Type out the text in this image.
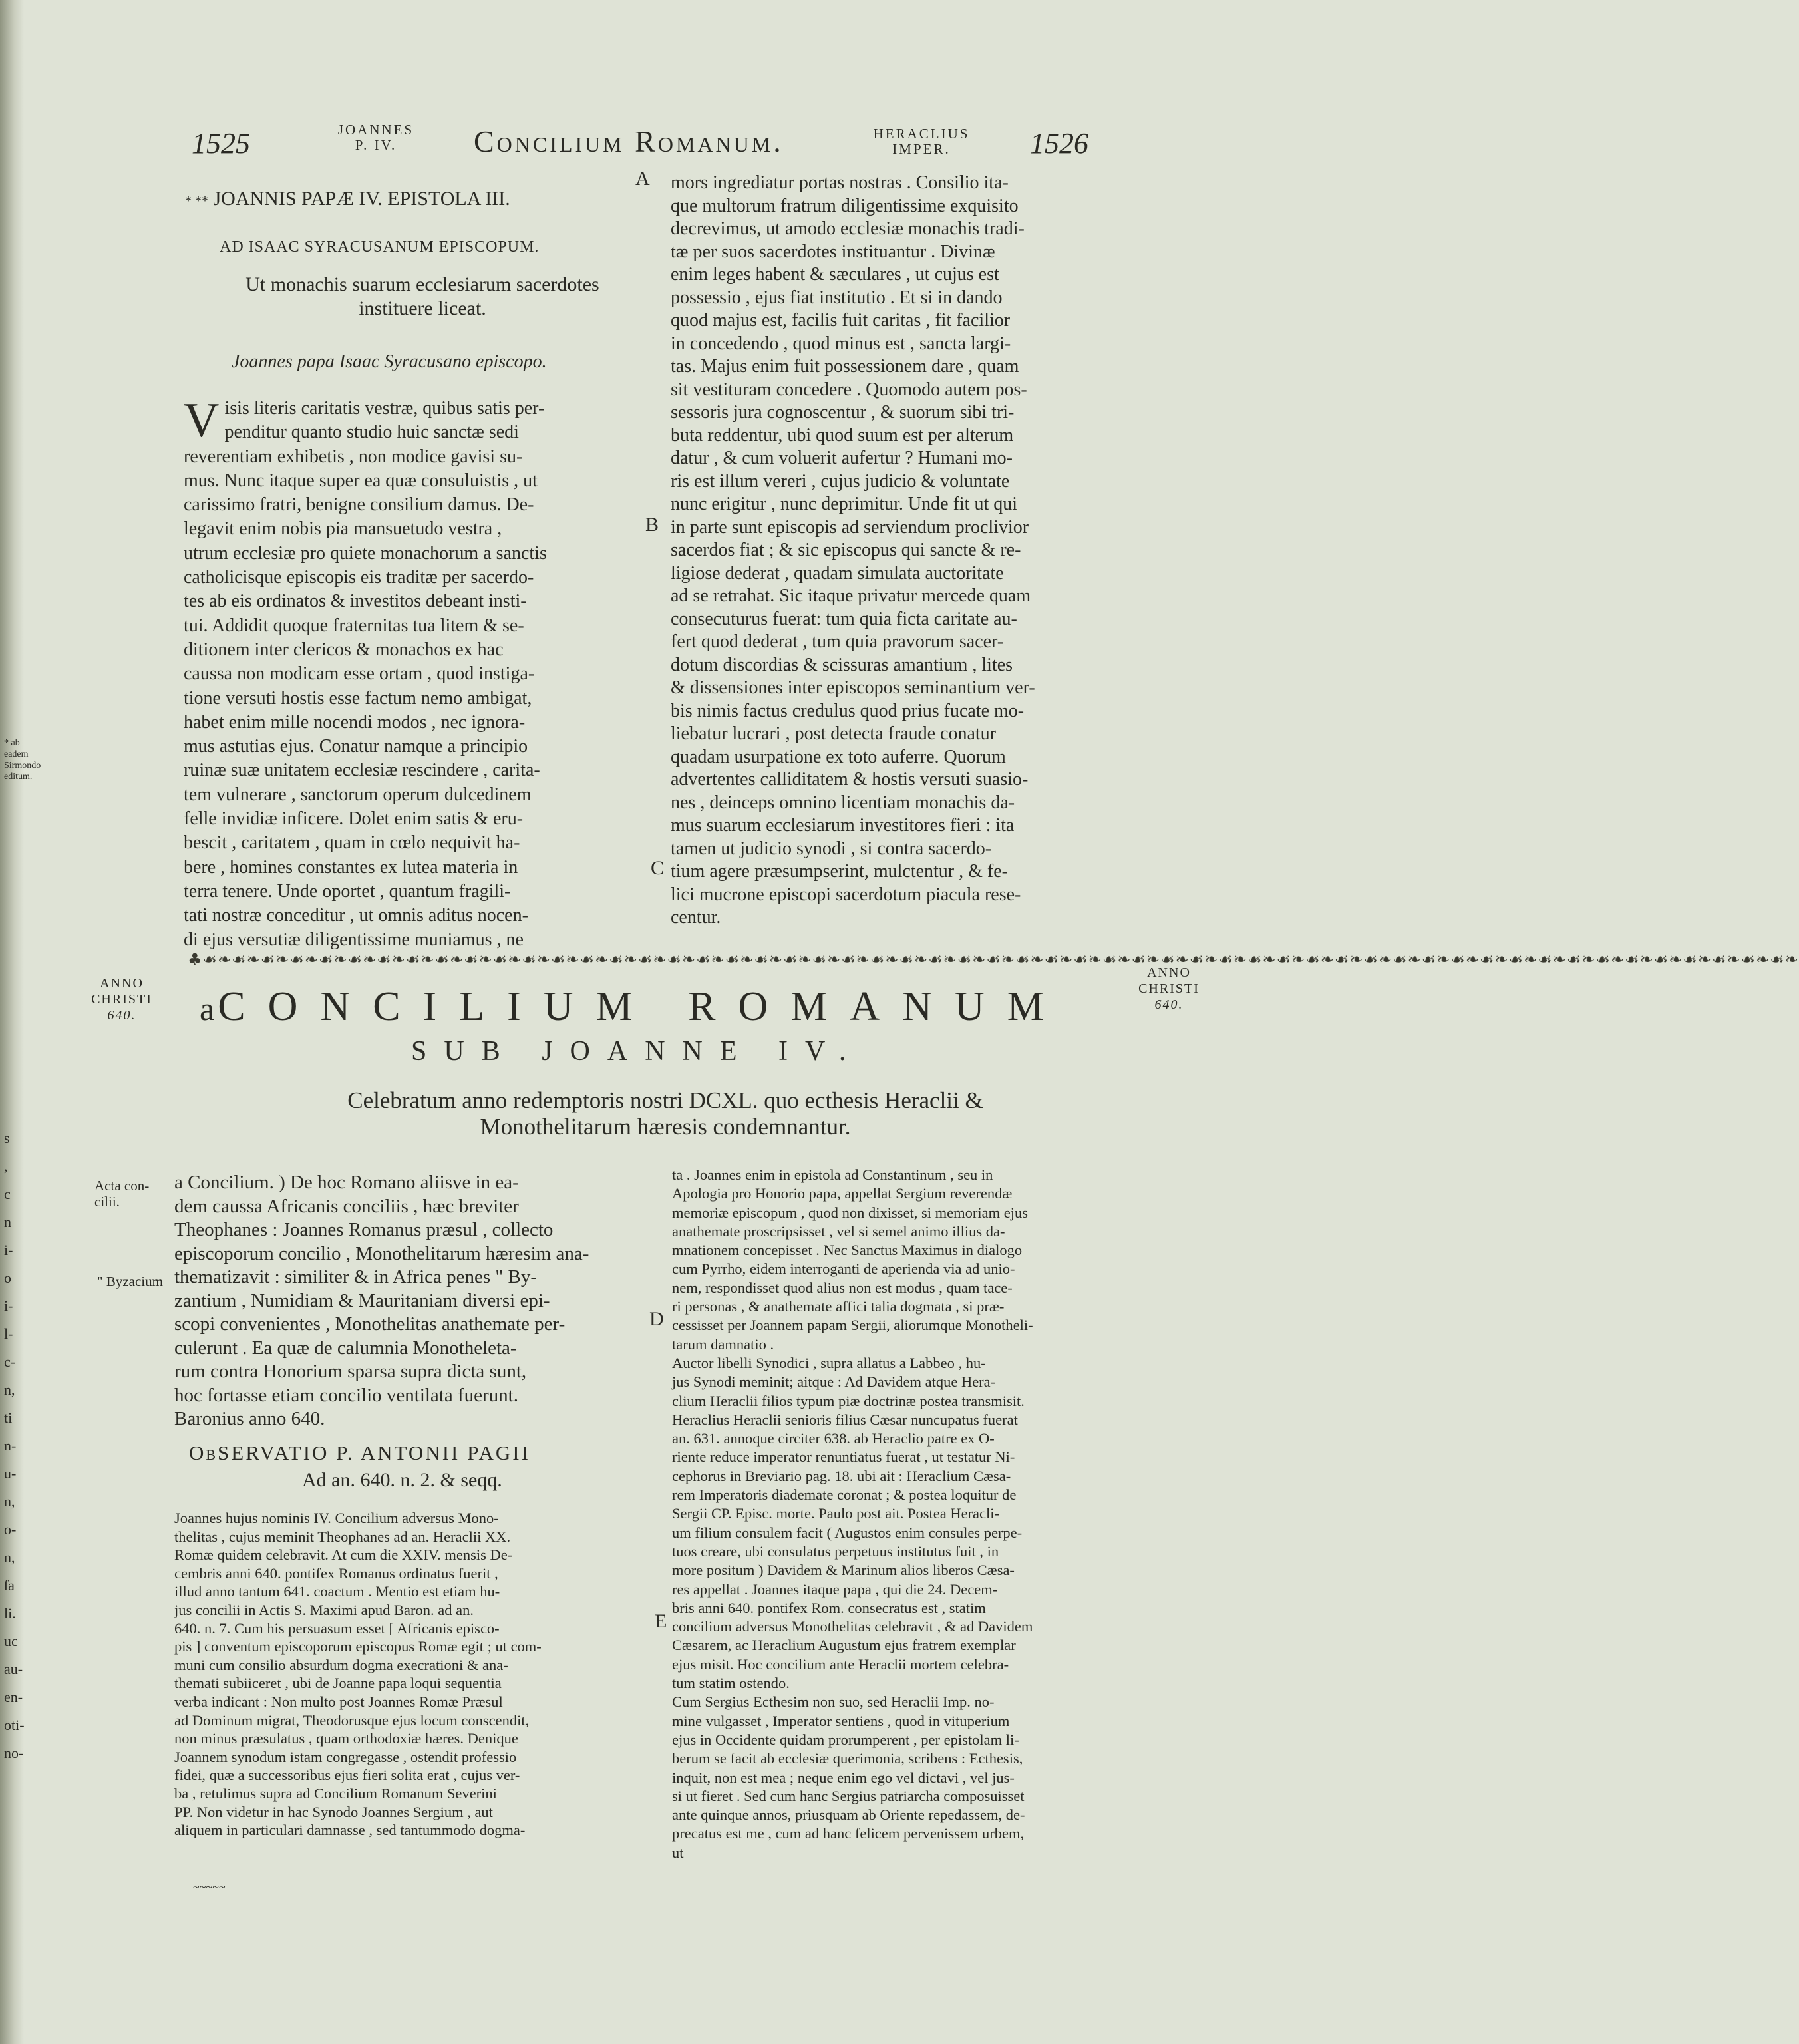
s
,
c
n
i-
o
i-
l-
c-
n,
ti
n-
u-
n,
o-
n,
ſa
li.
uc
au-
en-
oti-
no-
* ab eadem
Sirmondo
editum.
1525	JOANNES
P. IV.	Concilium Romanum.	HERACLIUS
IMPER.	1526
* ** JOANNIS PAPÆ IV. EPISTOLA III.
AD ISAAC SYRACUSANUM EPISCOPUM.
Ut monachis suarum ecclesiarum sacerdotes
instituere liceat.
Joannes papa Isaac Syracusano episcopo.
V isis literis caritatis vestræ, quibus satis per-
penditur quanto studio huic sanctæ sedi
reverentiam exhibetis , non modice gavisi su-
mus. Nunc itaque super ea quæ consuluistis , ut
carissimo fratri, benigne consilium damus. De-
legavit enim nobis pia mansuetudo vestra ,
utrum ecclesiæ pro quiete monachorum a sanctis
catholicisque episcopis eis traditæ per sacerdo-
tes ab eis ordinatos & investitos debeant insti-
tui. Addidit quoque fraternitas tua litem & se-
ditionem inter clericos & monachos ex hac
caussa non modicam esse ortam , quod instiga-
tione versuti hostis esse factum nemo ambigat,
habet enim mille nocendi modos , nec ignora-
mus astutias ejus. Conatur namque a principio
ruinæ suæ unitatem ecclesiæ rescindere , carita-
tem vulnerare , sanctorum operum dulcedinem
felle invidiæ inficere. Dolet enim satis & eru-
bescit , caritatem , quam in cœlo nequivit ha-
bere , homines constantes ex lutea materia in
terra tenere. Unde oportet , quantum fragili-
tati nostræ conceditur , ut omnis aditus nocen-
di ejus versutiæ diligentissime muniamus , ne
A
B
C
D
E
mors ingrediatur portas nostras . Consilio ita-
que multorum fratrum diligentissime exquisito
decrevimus, ut amodo ecclesiæ monachis tradi-
tæ per suos sacerdotes instituantur . Divinæ
enim leges habent & sæculares , ut cujus est
possessio , ejus fiat institutio . Et si in dando
quod majus est, facilis fuit caritas , fit facilior
in concedendo , quod minus est , sancta largi-
tas. Majus enim fuit possessionem dare , quam
sit vestituram concedere . Quomodo autem pos-
sessoris jura cognoscentur , & suorum sibi tri-
buta reddentur, ubi quod suum est per alterum
datur , & cum voluerit aufertur ? Humani mo-
ris est illum vereri , cujus judicio & voluntate
nunc erigitur , nunc deprimitur. Unde fit ut qui
in parte sunt episcopis ad serviendum proclivior
sacerdos fiat ; & sic episcopus qui sancte & re-
ligiose dederat , quadam simulata auctoritate
ad se retrahat. Sic itaque privatur mercede quam
consecuturus fuerat: tum quia ficta caritate au-
fert quod dederat , tum quia pravorum sacer-
dotum discordias & scissuras amantium , lites
& dissensiones inter episcopos seminantium ver-
bis nimis factus credulus quod prius fucate mo-
liebatur lucrari , post detecta fraude conatur
quadam usurpatione ex toto auferre. Quorum
advertentes calliditatem & hostis versuti suasio-
nes , deinceps omnino licentiam monachis da-
mus suarum ecclesiarum investitores fieri : ita
tamen ut judicio synodi , si contra sacerdo-
tium agere præsumpserint, mulctentur , & fe-
lici mucrone episcopi sacerdotum piacula rese-
centur.
♣☙❧☙❧☙❧☙❧☙❧☙❧☙❧☙❧☙❧☙❧☙❧☙❧☙❧☙❧☙❧☙❧☙❧☙❧☙❧☙❧☙❧☙❧☙❧☙❧☙❧☙❧☙❧☙❧☙❧☙❧☙❧☙❧☙❧☙❧☙❧☙❧☙❧☙❧☙❧☙❧☙❧☙❧☙❧☙❧☙❧☙❧☙❧☙❧☙❧☙❧☙❧☙❧☙❧☙❧☙❧
ANNO
CHRISTI
640.
ANNO
CHRISTI
640.
a CONCILIUM ROMANUM
SUB JOANNE IV.
Celebratum anno redemptoris nostri DCXL. quo ecthesis Heraclii &
Monothelitarum hæresis condemnantur.
Acta con-
cilii.
" Byzacium
a Concilium. ) De hoc Romano aliisve in ea-
dem caussa Africanis conciliis , hæc breviter
Theophanes : Joannes Romanus præsul , collecto
episcoporum concilio , Monothelitarum hæresim ana-
thematizavit : similiter & in Africa penes " By-
zantium , Numidiam & Mauritaniam diversi epi-
scopi convenientes , Monothelitas anathemate per-
culerunt . Ea quæ de calumnia Monotheleta-
rum contra Honorium sparsa supra dicta sunt,
hoc fortasse etiam concilio ventilata fuerunt.
Baronius anno 640.
ObSERVATIO P. ANTONII PAGII
Ad an. 640. n. 2. & seqq.
Joannes hujus nominis IV. Concilium adversus Mono-
thelitas , cujus meminit Theophanes ad an. Heraclii XX.
Romæ quidem celebravit. At cum die XXIV. mensis De-
cembris anni 640. pontifex Romanus ordinatus fuerit ,
illud anno tantum 641. coactum . Mentio est etiam hu-
jus concilii in Actis S. Maximi apud Baron. ad an.
640. n. 7. Cum his persuasum esset [ Africanis episco-
pis ] conventum episcoporum episcopus Romæ egit ; ut com-
muni cum consilio absurdum dogma execrationi & ana-
themati subiiceret , ubi de Joanne papa loqui sequentia
verba indicant : Non multo post Joannes Romæ Præsul
ad Dominum migrat, Theodorusque ejus locum conscendit,
non minus præsulatus , quam orthodoxiæ hæres. Denique
Joannem synodum istam congregasse , ostendit professio
fidei, quæ a successoribus ejus fieri solita erat , cujus ver-
ba , retulimus supra ad Concilium Romanum Severini
PP. Non videtur in hac Synodo Joannes Sergium , aut
aliquem in particulari damnasse , sed tantummodo dogma-
~~~~~
ta . Joannes enim in epistola ad Constantinum , seu in
Apologia pro Honorio papa, appellat Sergium reverendæ
memoriæ episcopum , quod non dixisset, si memoriam ejus
anathemate proscripsisset , vel si semel animo illius da-
mnationem concepisset . Nec Sanctus Maximus in dialogo
cum Pyrrho, eidem interroganti de aperienda via ad unio-
nem, respondisset quod alius non est modus , quam tace-
ri personas , & anathemate affici talia dogmata , si præ-
cessisset per Joannem papam Sergii, aliorumque Monotheli-
tarum damnatio .
Auctor libelli Synodici , supra allatus a Labbeo , hu-
jus Synodi meminit; aitque : Ad Davidem atque Hera-
clium Heraclii filios typum piæ doctrinæ postea transmisit.
Heraclius Heraclii senioris filius Cæsar nuncupatus fuerat
an. 631. annoque circiter 638. ab Heraclio patre ex O-
riente reduce imperator renuntiatus fuerat , ut testatur Ni-
cephorus in Breviario pag. 18. ubi ait : Heraclium Cæsa-
rem Imperatoris diademate coronat ; & postea loquitur de
Sergii CP. Episc. morte. Paulo post ait. Postea Heracli-
um filium consulem facit ( Augustos enim consules perpe-
tuos creare, ubi consulatus perpetuus institutus fuit , in
more positum ) Davidem & Marinum alios liberos Cæsa-
res appellat . Joannes itaque papa , qui die 24. Decem-
bris anni 640. pontifex Rom. consecratus est , statim
concilium adversus Monothelitas celebravit , & ad Davidem
Cæsarem, ac Heraclium Augustum ejus fratrem exemplar
ejus misit. Hoc concilium ante Heraclii mortem celebra-
tum statim ostendo.
Cum Sergius Ecthesim non suo, sed Heraclii Imp. no-
mine vulgasset , Imperator sentiens , quod in vituperium
ejus in Occidente quidam prorumperent , per epistolam li-
berum se facit ab ecclesiæ querimonia, scribens : Ecthesis,
inquit, non est mea ; neque enim ego vel dictavi , vel jus-
si ut fieret . Sed cum hanc Sergius patriarcha composuisset
ante quinque annos, priusquam ab Oriente repedassem, de-
precatus est me , cum ad hanc felicem pervenissem urbem,
ut
